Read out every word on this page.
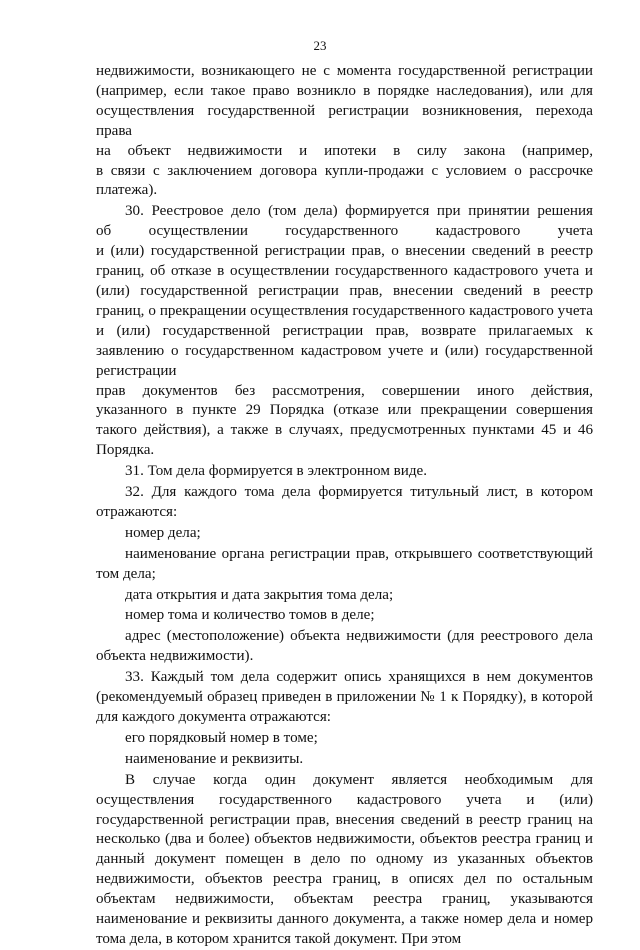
23

недвижимости, возникающего не с момента государственной регистрации (например, если такое право возникло в порядке наследования), или для осуществления государственной регистрации возникновения, перехода права

на объект недвижимости и ипотеки в силу закона (например,

в связи с заключением договора купли-продажи с условием о рассрочке платежа).

30. Реестровое дело (том дела) формируется при принятии решения

об осуществлении государственного кадастрового учета

и (или) государственной регистрации прав, о внесении сведений в реестр границ, об отказе в осуществлении государственного кадастрового учета и (или) государственной регистрации прав, внесении сведений в реестр границ, о прекращении осуществления государственного кадастрового учета и (или) государственной регистрации прав, возврате прилагаемых к заявлению о государственном кадастровом учете и (или) государственной регистрации

прав документов без рассмотрения, совершении иного действия,

указанного в пункте 29 Порядка (отказе или прекращении совершения такого действия), а также в случаях, предусмотренных пунктами 45 и 46 Порядка.

31. Том дела формируется в электронном виде.

32. Для каждого тома дела формируется титульный лист, в котором отражаются:

номер дела;

наименование органа регистрации прав, открывшего соответствующий том дела;

дата открытия и дата закрытия тома дела;

номер тома и количество томов в деле;

адрес (местоположение) объекта недвижимости (для реестрового дела объекта недвижимости).

33. Каждый том дела содержит опись хранящихся в нем документов (рекомендуемый образец приведен в приложении № 1 к Порядку), в которой для каждого документа отражаются:

его порядковый номер в томе;

наименование и реквизиты.

В случае когда один документ является необходимым для осуществления государственного кадастрового учета и (или) государственной регистрации прав, внесения сведений в реестр границ на несколько (два и более) объектов недвижимости, объектов реестра границ и данный документ помещен в дело по одному из указанных объектов недвижимости, объектов реестра границ, в описях дел по остальным объектам недвижимости, объектам реестра границ, указываются наименование и реквизиты данного документа, а также номер дела и номер тома дела, в котором хранится такой документ. При этом
